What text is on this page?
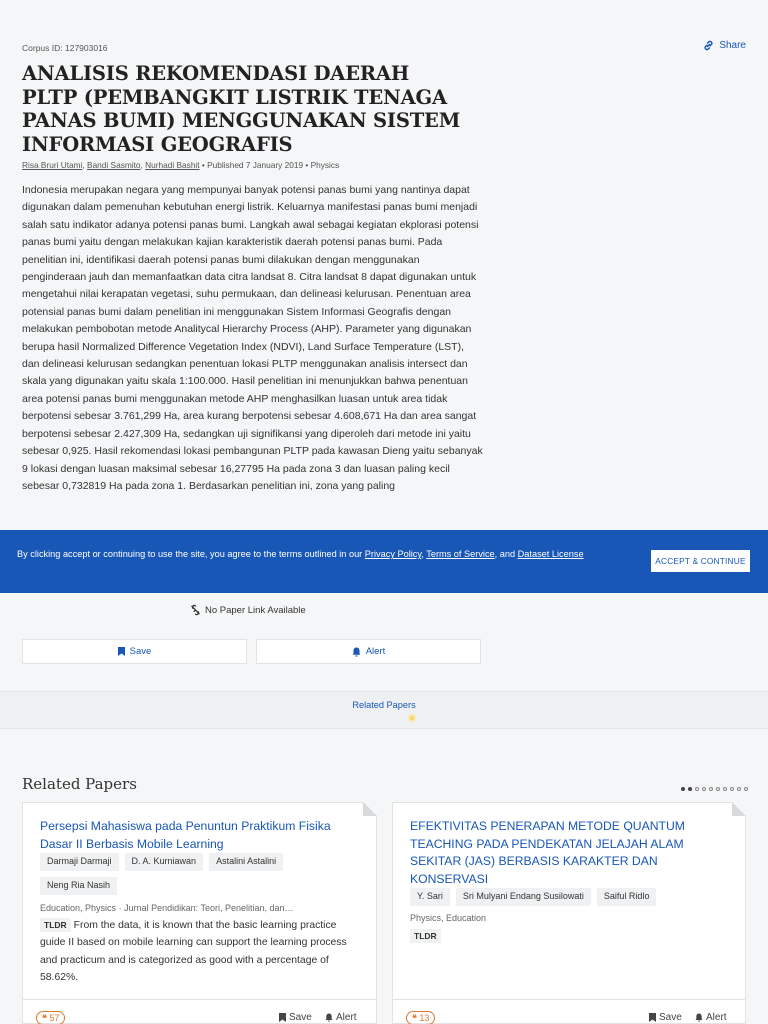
Corpus ID: 127903016	Share
ANALISIS REKOMENDASI DAERAH PLTP (PEMBANGKIT LISTRIK TENAGA PANAS BUMI) MENGGUNAKAN SISTEM INFORMASI GEOGRAFIS
Risa Bruri Utami, Bandi Sasmito, Nurhadi Bashit • Published 7 January 2019 • Physics
Indonesia merupakan negara yang mempunyai banyak potensi panas bumi yang nantinya dapat digunakan dalam pemenuhan kebutuhan energi listrik. Keluarnya manifestasi panas bumi menjadi salah satu indikator adanya potensi panas bumi. Langkah awal sebagai kegiatan ekplorasi potensi panas bumi yaitu dengan melakukan kajian karakteristik daerah potensi panas bumi. Pada penelitian ini, identifikasi daerah potensi panas bumi dilakukan dengan menggunakan penginderaan jauh dan memanfaatkan data citra landsat 8. Citra landsat 8 dapat digunakan untuk mengetahui nilai kerapatan vegetasi, suhu permukaan, dan delineasi kelurusan. Penentuan area potensial panas bumi dalam penelitian ini menggunakan Sistem Informasi Geografis dengan melakukan pembobotan metode Analitycal Hierarchy Process (AHP). Parameter yang digunakan berupa hasil Normalized Difference Vegetation Index (NDVI), Land Surface Temperature (LST), dan delineasi kelurusan sedangkan penentuan lokasi PLTP menggunakan analisis intersect dan skala yang digunakan yaitu skala 1:100.000. Hasil penelitian ini menunjukkan bahwa penentuan area potensi panas bumi menggunakan metode AHP menghasilkan luasan untuk area tidak berpotensi sebesar 3.761,299 Ha, area kurang berpotensi sebesar 4.608,671 Ha dan area sangat berpotensi sebesar 2.427,309 Ha, sedangkan uji signifikansi yang diperoleh dari metode ini yaitu sebesar 0,925. Hasil rekomendasi lokasi pembangunan PLTP pada kawasan Dieng yaitu sebanyak 9 lokasi dengan luasan maksimal sebesar 16,27795 Ha pada zona 3 dan luasan paling kecil sebesar 0,732819 Ha pada zona 1. Berdasarkan penelitian ini, zona yang paling
By clicking accept or continuing to use the site, you agree to the terms outlined in our Privacy Policy, Terms of Service, and Dataset License
ACCEPT & CONTINUE
No Paper Link Available
Save	Alert
Related Papers
Related Papers
Persepsi Mahasiswa pada Penuntun Praktikum Fisika Dasar II Berbasis Mobile Learning
Darmaji Darmaji	D. A. Kurniawan	Astalini Astalini
Neng Ria Nasih
Education, Physics · Jurnal Pendidikan: Teori, Penelitian, dan…
TLDR From the data, it is known that the basic learning practice guide II based on mobile learning can support the learning process and practicum and is categorized as good with a percentage of 58.62%.
❝ 57	Save Alert
EFEKTIVITAS PENERAPAN METODE QUANTUM TEACHING PADA PENDEKATAN JELAJAH ALAM SEKITAR (JAS) BERBASIS KARAKTER DAN KONSERVASI
Y. Sari	Sri Mulyani Endang Susilowati	Saiful Ridlo
Physics, Education
TLDR
❝ 13	Save Alert
